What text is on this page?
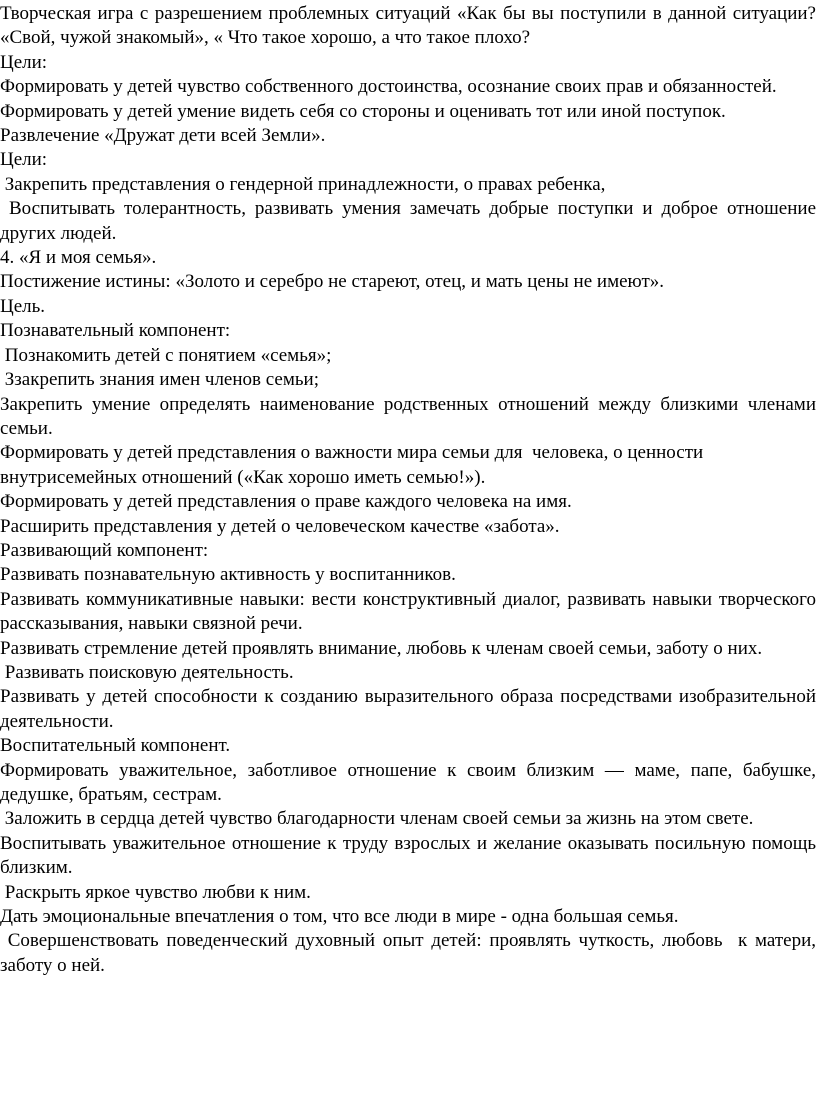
Творческая игра с разрешением проблемных ситуаций «Как бы вы поступили в данной ситуации? «Свой, чужой знакомый», « Что такое хорошо, а что такое плохо?

Цели:

Формировать у детей чувство собственного достоинства, осознание своих прав и обязанностей.

Формировать у детей умение видеть себя со стороны и оценивать тот или иной поступок.

Развлечение «Дружат дети всей Земли».

Цели:

Закрепить представления о гендерной принадлежности, о правах ребенка,

Воспитывать толерантность, развивать умения замечать добрые поступки и доброе отношение других людей.

4. «Я и моя семья».

Постижение истины: «Золото и серебро не стареют, отец, и мать цены не имеют».

Цель.

Познавательный компонент:

Познакомить детей с понятием «семья»;

Ззакрепить знания имен членов семьи;

Закрепить умение определять наименование родственных отношений между близкими членами семьи.

Формировать у детей представления о важности мира семьи для  человека, о ценности внутрисемейных отношений («Как хорошо иметь семью!»).

Формировать у детей представления о праве каждого человека на имя.

Расширить представления у детей о человеческом качестве «забота».

Развивающий компонент:

Развивать познавательную активность у воспитанников.

Развивать коммуникативные навыки: вести конструктивный диалог, развивать навыки творческого рассказывания, навыки связной речи.

Развивать стремление детей проявлять внимание, любовь к членам своей семьи, заботу о них.

Развивать поисковую деятельность.

Развивать у детей способности к созданию выразительного образа посредствами изобразительной деятельности.

Воспитательный компонент.

Формировать уважительное, заботливое отношение к своим близким — маме, папе, бабушке, дедушке, братьям, сестрам.

Заложить в сердца детей чувство благодарности членам своей семьи за жизнь на этом свете.

Воспитывать уважительное отношение к труду взрослых и желание оказывать посильную помощь близким.

Раскрыть яркое чувство любви к ним.

Дать эмоциональные впечатления о том, что все люди в мире - одна большая семья.

Совершенствовать поведенческий духовный опыт детей: проявлять чуткость, любовь  к матери, заботу о ней.
